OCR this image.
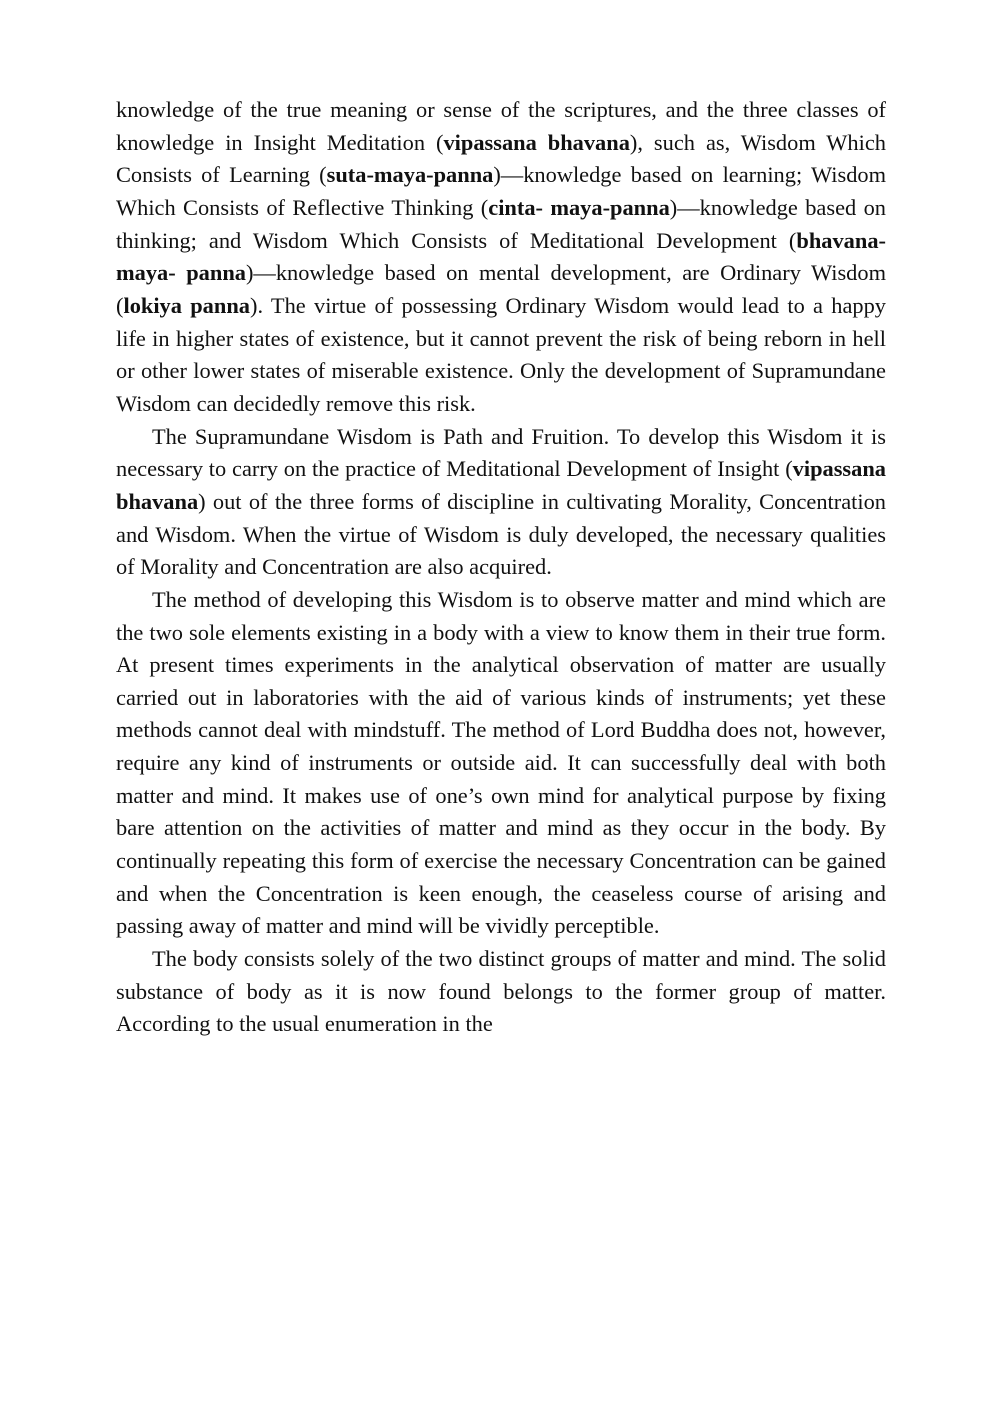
knowledge of the true meaning or sense of the scriptures, and the three classes of knowledge in Insight Meditation (vipassana bhavana), such as, Wisdom Which Consists of Learning (suta-maya-panna)—knowledge based on learning; Wisdom Which Consists of Reflective Thinking (cinta- maya-panna)—knowledge based on thinking; and Wisdom Which Consists of Meditational Development (bhavana-maya- panna)—knowledge based on mental development, are Ordinary Wisdom (lokiya panna). The virtue of possessing Ordinary Wisdom would lead to a happy life in higher states of existence, but it cannot prevent the risk of being reborn in hell or other lower states of miserable existence. Only the development of Supramundane Wisdom can decidedly remove this risk.

The Supramundane Wisdom is Path and Fruition. To develop this Wisdom it is necessary to carry on the practice of Meditational Development of Insight (vipassana bhavana) out of the three forms of discipline in cultivating Morality, Concentration and Wisdom. When the virtue of Wisdom is duly developed, the necessary qualities of Morality and Concentration are also acquired.

The method of developing this Wisdom is to observe matter and mind which are the two sole elements existing in a body with a view to know them in their true form. At present times experiments in the analytical observation of matter are usually carried out in laboratories with the aid of various kinds of instruments; yet these methods cannot deal with mindstuff. The method of Lord Buddha does not, however, require any kind of instruments or outside aid. It can successfully deal with both matter and mind. It makes use of one’s own mind for analytical purpose by fixing bare attention on the activities of matter and mind as they occur in the body. By continually repeating this form of exercise the necessary Concentration can be gained and when the Concentration is keen enough, the ceaseless course of arising and passing away of matter and mind will be vividly perceptible.

The body consists solely of the two distinct groups of matter and mind. The solid substance of body as it is now found belongs to the former group of matter. According to the usual enumeration in the
